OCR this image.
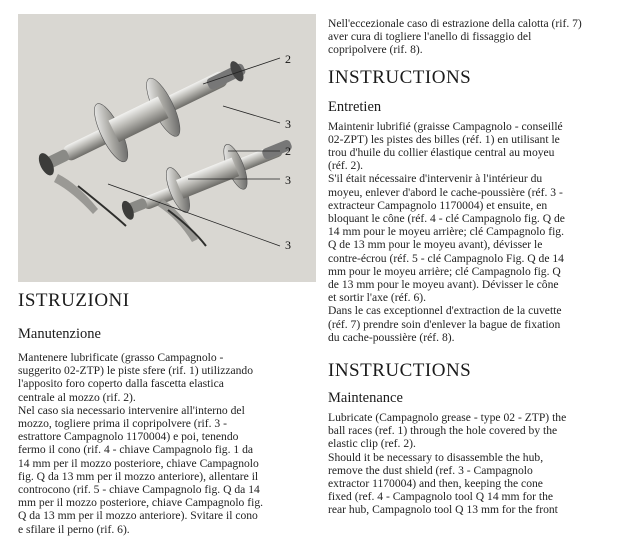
2
3
2
3
3
ISTRUZIONI
Manutenzione

Mantenere lubrificate (grasso Campagnolo -

suggerito 02-ZTP) le piste sfere (rif. 1) utilizzando

l'apposito foro coperto dalla fascetta elastica

centrale al mozzo (rif. 2).

Nel caso sia necessario intervenire all'interno del

mozzo, togliere prima il copripolvere (rif. 3 -

estrattore Campagnolo 1170004) e poi, tenendo

fermo il cono (rif. 4 - chiave Campagnolo fig. 1 da

14 mm per il mozzo posteriore, chiave Campagnolo

fig. Q da 13 mm per il mozzo anteriore), allentare il

controcono (rif. 5 - chiave Campagnolo fig. Q da 14

mm per il mozzo posteriore, chiave Campagnolo fig.

Q da 13 mm per il mozzo anteriore). Svitare il cono

e sfilare il perno (rif. 6).

Nell'eccezionale caso di estrazione della calotta (rif. 7)

aver cura di togliere l'anello di fissaggio del

copripolvere (rif. 8).

INSTRUCTIONS
Entretien

Maintenir lubrifié (graisse Campagnolo - conseillé

02-ZPT) les pistes des billes (réf. 1) en utilisant le

trou d'huile du collier élastique central au moyeu

(réf. 2).

S'il était nécessaire d'intervenir à l'intérieur du

moyeu, enlever d'abord le cache-poussière (réf. 3 -

extracteur Campagnolo 1170004) et ensuite, en

bloquant le cône (réf. 4 - clé Campagnolo fig. Q de

14 mm pour le moyeu arrière; clé Campagnolo fig.

Q de 13 mm pour le moyeu avant), dévisser le

contre-écrou (réf. 5 - clé Campagnolo Fig. Q de 14

mm pour le moyeu arrière; clé Campagnolo fig. Q

de 13 mm pour le moyeu avant). Dévisser le cône

et sortir l'axe (réf. 6).

Dans le cas exceptionnel d'extraction de la cuvette

(réf. 7) prendre soin d'enlever la bague de fixation

du cache-poussière (réf. 8).

INSTRUCTIONS
Maintenance

Lubricate (Campagnolo grease - type 02 - ZTP) the

ball races (ref. 1) through the hole covered by the

elastic clip (ref. 2).

Should it be necessary to disassemble the hub,

remove the dust shield (ref. 3 - Campagnolo

extractor 1170004) and then, keeping the cone

fixed (ref. 4 - Campagnolo tool Q 14 mm for the

rear hub, Campagnolo tool Q 13 mm for the front
